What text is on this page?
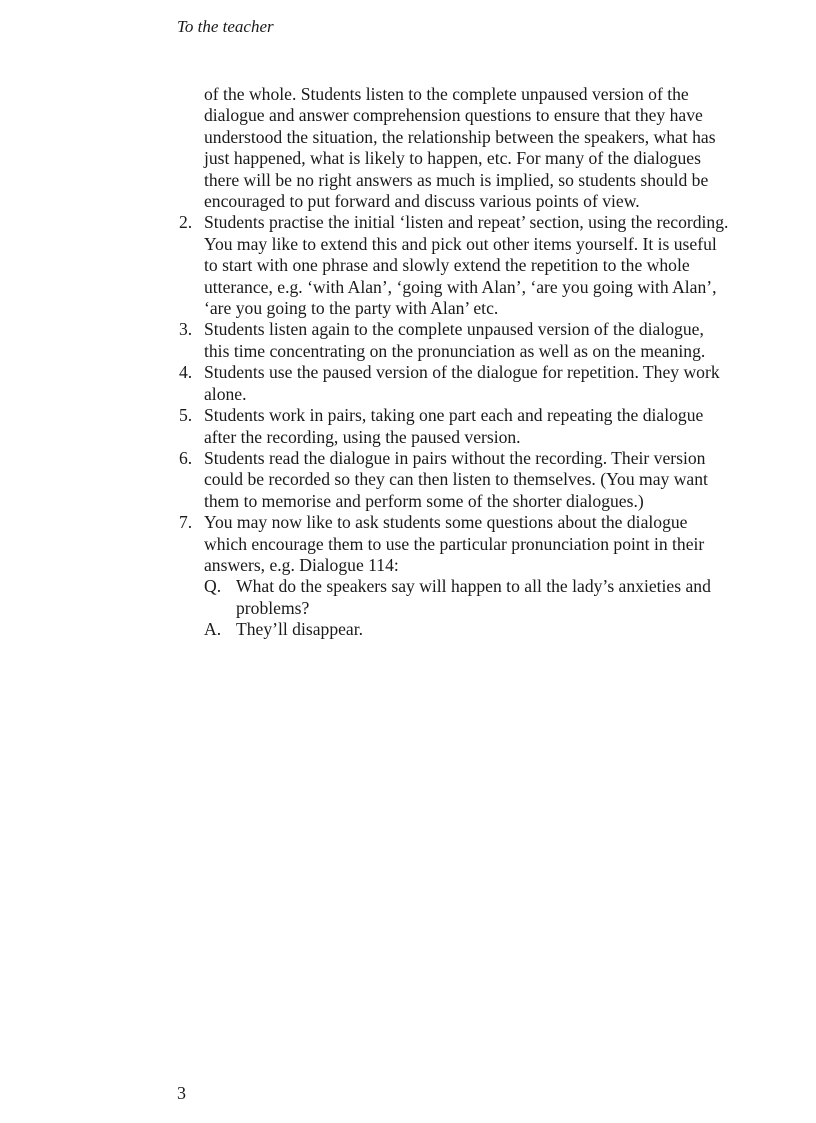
To the teacher

of the whole. Students listen to the complete unpaused version of the dialogue and answer comprehension questions to ensure that they have understood the situation, the relationship between the speakers, what has just happened, what is likely to happen, etc. For many of the dialogues there will be no right answers as much is implied, so students should be encouraged to put forward and discuss various points of view.

2. Students practise the initial ‘listen and repeat’ section, using the recording. You may like to extend this and pick out other items yourself. It is useful to start with one phrase and slowly extend the repetition to the whole utterance, e.g. ‘with Alan’, ‘going with Alan’, ‘are you going with Alan’, ‘are you going to the party with Alan’ etc.
3. Students listen again to the complete unpaused version of the dialogue, this time concentrating on the pronunciation as well as on the meaning.
4. Students use the paused version of the dialogue for repetition. They work alone.
5. Students work in pairs, taking one part each and repeating the dialogue after the recording, using the paused version.
6. Students read the dialogue in pairs without the recording. Their version could be recorded so they can then listen to themselves. (You may want them to memorise and perform some of the shorter dialogues.)
7. You may now like to ask students some questions about the dialogue which encourage them to use the particular pronunciation point in their answers, e.g. Dialogue 114:
Q. What do the speakers say will happen to all the lady’s anxieties and problems?
A. They’ll disappear.
3
